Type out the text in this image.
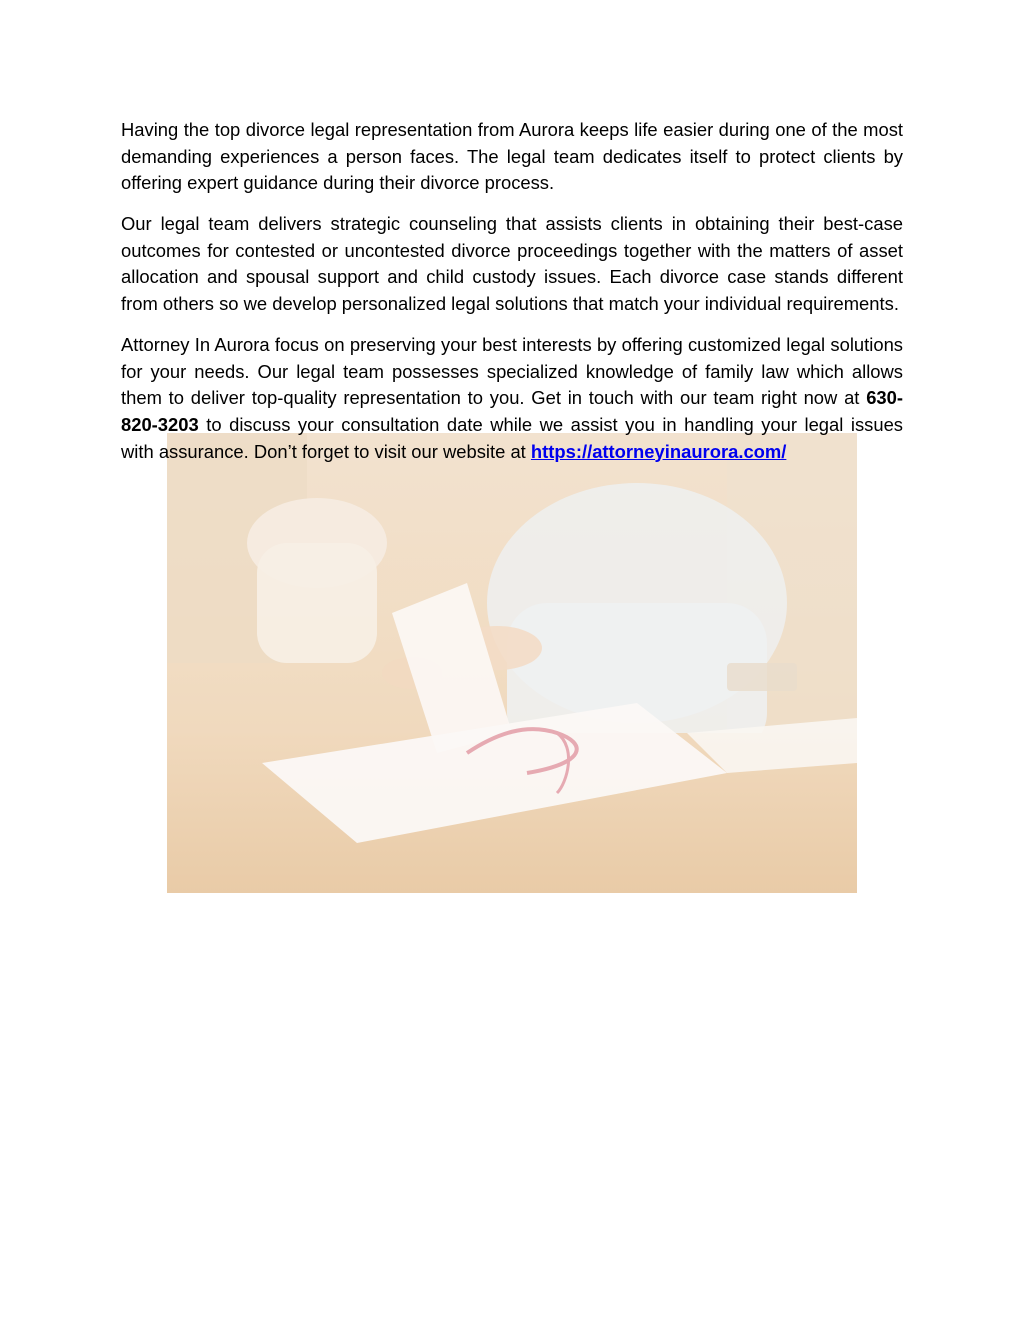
Having the top divorce legal representation from Aurora keeps life easier during one of the most demanding experiences a person faces. The legal team dedicates itself to protect clients by offering expert guidance during their divorce process.

Our legal team delivers strategic counseling that assists clients in obtaining their best-case outcomes for contested or uncontested divorce proceedings together with the matters of asset allocation and spousal support and child custody issues. Each divorce case stands different from others so we develop personalized legal solutions that match your individual requirements.

Attorney In Aurora focus on preserving your best interests by offering customized legal solutions for your needs. Our legal team possesses specialized knowledge of family law which allows them to deliver top-quality representation to you. Get in touch with our team right now at 630-820-3203 to discuss your consultation date while we assist you in handling your legal issues with assurance. Don’t forget to visit our website at https://attorneyinaurora.com/
